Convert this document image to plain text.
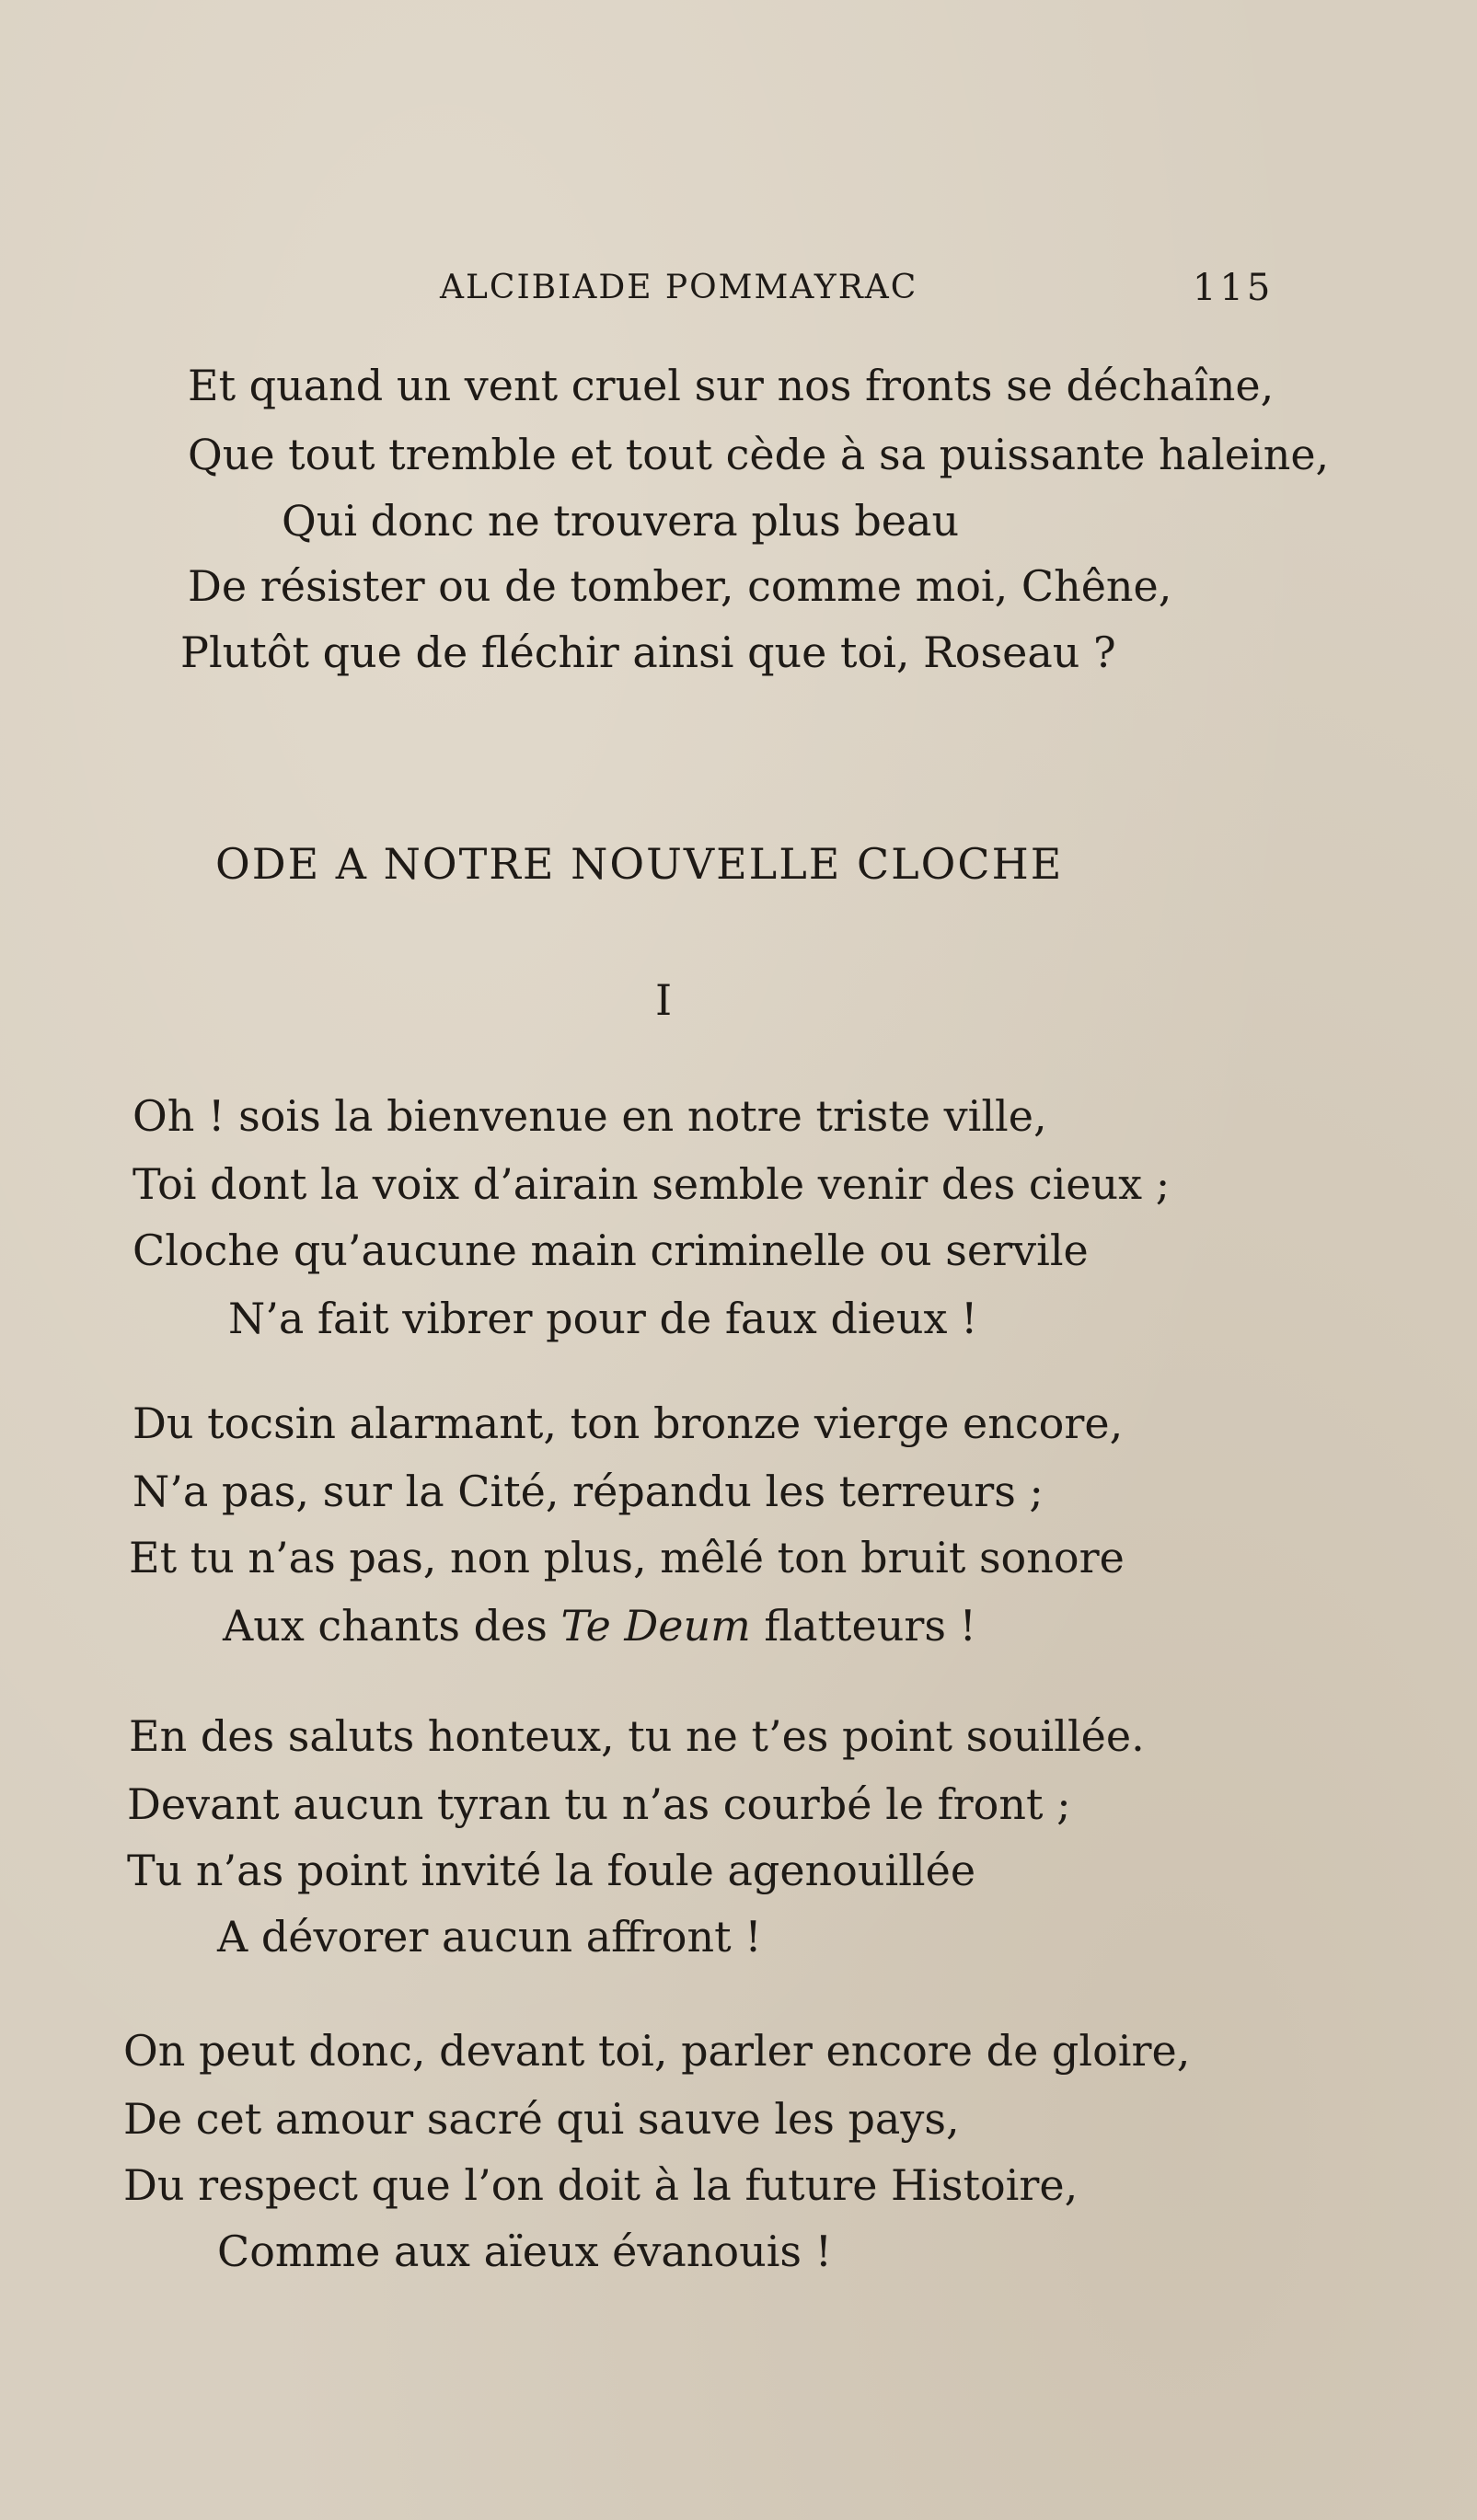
ALCIBIADE POMMAYRAC	115
Et quand un vent cruel sur nos fronts se déchaîne,
Que tout tremble et tout cède à sa puissante haleine,
Qui donc ne trouvera plus beau
De résister ou de tomber, comme moi, Chêne,
Plutôt que de fléchir ainsi que toi, Roseau ?
ODE A NOTRE NOUVELLE CLOCHE
I
Oh ! sois la bienvenue en notre triste ville,
Toi dont la voix d’airain semble venir des cieux ;
Cloche qu’aucune main criminelle ou servile
N’a fait vibrer pour de faux dieux !
Du tocsin alarmant, ton bronze vierge encore,
N’a pas, sur la Cité, répandu les terreurs ;
Et tu n’as pas, non plus, mêlé ton bruit sonore
Aux chants des Te Deum flatteurs !
En des saluts honteux, tu ne t’es point souillée.
Devant aucun tyran tu n’as courbé le front ;
Tu n’as point invité la foule agenouillée
A dévorer aucun affront !
On peut donc, devant toi, parler encore de gloire,
De cet amour sacré qui sauve les pays,
Du respect que l’on doit à la future Histoire,
Comme aux aïeux évanouis !
